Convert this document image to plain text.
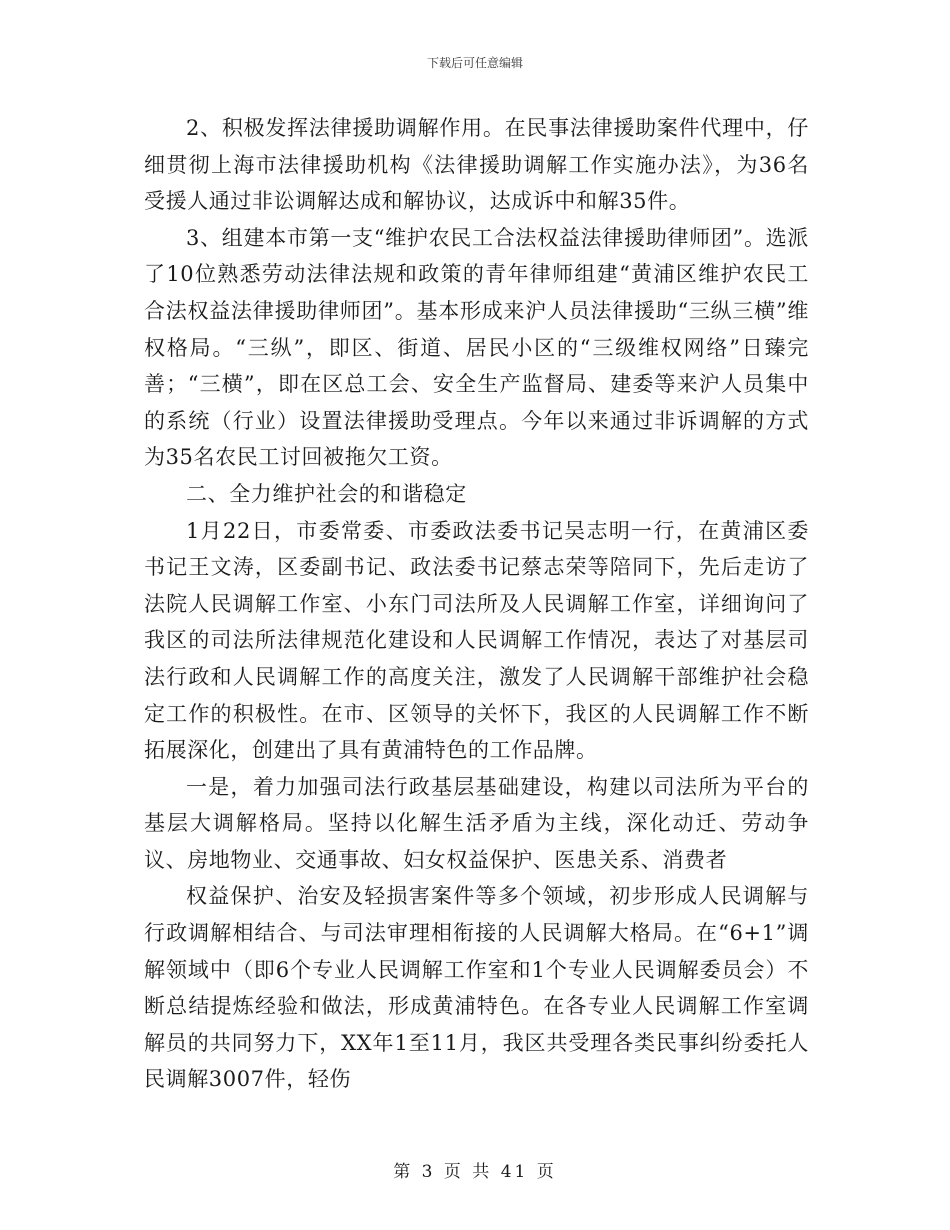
下载后可任意编辑

2、积极发挥法律援助调解作用。在民事法律援助案件代理中，仔细贯彻上海市法律援助机构《法律援助调解工作实施办法》，为36名受援人通过非讼调解达成和解协议，达成诉中和解35件。

3、组建本市第一支“维护农民工合法权益法律援助律师团”。选派了10位熟悉劳动法律法规和政策的青年律师组建“黄浦区维护农民工合法权益法律援助律师团”。基本形成来沪人员法律援助“三纵三横”维权格局。“三纵”，即区、街道、居民小区的“三级维权网络”日臻完善；“三横”，即在区总工会、安全生产监督局、建委等来沪人员集中的系统（行业）设置法律援助受理点。今年以来通过非诉调解的方式为35名农民工讨回被拖欠工资。

二、全力维护社会的和谐稳定

1月22日，市委常委、市委政法委书记吴志明一行，在黄浦区委书记王文涛，区委副书记、政法委书记蔡志荣等陪同下，先后走访了法院人民调解工作室、小东门司法所及人民调解工作室，详细询问了我区的司法所法律规范化建设和人民调解工作情况，表达了对基层司法行政和人民调解工作的高度关注，激发了人民调解干部维护社会稳定工作的积极性。在市、区领导的关怀下，我区的人民调解工作不断拓展深化，创建出了具有黄浦特色的工作品牌。

一是，着力加强司法行政基层基础建设，构建以司法所为平台的基层大调解格局。坚持以化解生活矛盾为主线，深化动迁、劳动争议、房地物业、交通事故、妇女权益保护、医患关系、消费者

权益保护、治安及轻损害案件等多个领域，初步形成人民调解与行政调解相结合、与司法审理相衔接的人民调解大格局。在“6+1”调解领域中（即6个专业人民调解工作室和1个专业人民调解委员会）不断总结提炼经验和做法，形成黄浦特色。在各专业人民调解工作室调解员的共同努力下，XX年1至11月，我区共受理各类民事纠纷委托人民调解3007件，轻伤

第 3 页 共 41 页
